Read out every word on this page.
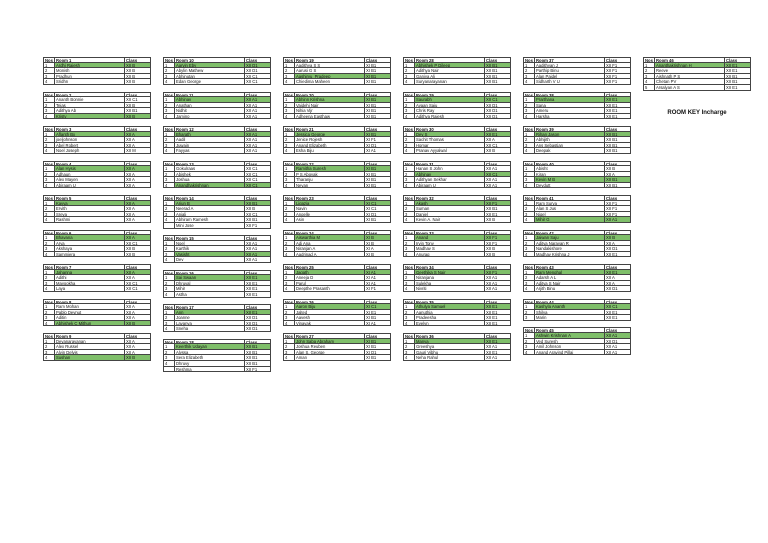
Nos Room 1	Class
1	Ardhi Rajesh	XII B
2	Monish	XII B
3	Pradhun	XII B
4	Sridhn	XII B
Nos Room 2	Class
1	Ananth Bonnie	XII C1
2	Tejas	XII B
3	Adithya Ab	XII B1
4	Kristy	XII B
Nos Room 3	Class
1	Aflanth Bx	XII A
2	joeljohnson	XII A
3	Abel Robert	XII A
4	Noel Joseph	XII M
Nos Room 4	Class
1	Alan Hysis	XII A
2	Adhaun	XII A
3	Alex Mayen	XII A
4	Abiraam U	XII A
Nos Room 5	Class
1	Kavya	XII A
2	Ervith	XII A
3	Sreya	XII A
4	Rashmi	XII A
Nos Room 6	Class
1	Bhavana	XII A
2	Arya	XII C1
3	Akshaya	XII B
4	Sammiera	XII B
Nos Room 7	Class
1	Jahanna	XII A
2	Adithi	XII A
3	Mayookha	XII C1
4	Laya	XII C1
Nos Room 8	Class
1	Ram Mohan	XII A
2	Pablo Devnut	XII A
3	Aditin	XII A
4	Abhishek C Mithun	XII B
Nos Room 9	Class
1	Devanarayanan	XII A
2	Alex Russel	XII A
3	Alvin Delvis	XII A
4	Sushan	XII B
Nos Room 10	Class
1	Aarvin Eby	XII D1
2	Abylin Mathew	XII D1
3	Abhinutan	XII C1
4	Edan George	XII C1
Nos Room 11	Class
1	Abhinav	XII A1
2	Anathan	XII A1
3	Nidhit	XII A1
4	Jamino	XII A1
Nos Room 12	Class
1	Bharath	XII A1
2	Aadil	XII A1
3	Juwain	XII A1
4	Fayyas	XII A1
Nos Room 13	Class
1	Gokulraas	XII C1
2	Abishek	XII C1
3	Joshua	XII C1
4	Anandhakrishnan	XII C1
Nos Room 14	Class
1	Arjun B	XII B1
2	Neerad A	XII B
3	Anjali	XII C1
4	Abhiram Ramesh	XII B1
Mini Jose	XII F1
Nos Room 15	Class
1	Noel	XII A1
2	Karthik	XII A1
3	Vasisht	XII A1
4	Dev	XII A1
Nos Room 16	Class
1	Sai Swaan	XII E1
2	Dhruval	XII E1
3	Mihir	XII E1
4	Astha	XII E1
Nos Room 17	Class
1	Ann	XII E1
2	Joanne	XII D1
3	Lavanya	XII D1
4	Sneha	XII D1
Nos Room 18	Class
1	Keerthik Udayan	XII B1
2	Alyssa	XII B1
3	Sera Elizabeth	XII B1
4	Dhruvy	XII B1
Reshma	XII F1
Nos Room 19	Class
1	Aadithya S S	XI B1
2	Aarusi G S	XI B1
3	Aashirvu_Pradeep	XI B1
4	Chiedima Maheen	XI B1
Nos Room 20	Class
1	Abhinn Krishna	XI B1
2	Vaidehi Nair	XI B1
3	Nihia Vijr	XI B1
4	Adheena Easthaw	XI B1
Nos Room 21	Class
1	Jessica George	XI B1
2	Jenice Rojesh	XI F1
3	Anand Elizabeth	XI D1
4	Esha Biju	XI A1
Nos Room 22	Class
1	Ramitha Suresh	XI B1
2	P S Aboyak	XI B1
3	Tharanju	XI B1
4	Nevan	XI B1
Nos Room 23	Class
1	Ligazia	XI C1
2	Navin	XI C1
3	Angelle	XI D1
4	Asin	XI B1
Nos Room 24	Class
1	Aiswarthia M	XI B
2	Adi Ana	XI B
3	Niranjan A	XI A
4	Aadrinad A	XI B
Nos Room 25	Class
1	Jagath	XI A1
2	Aneeja D	XI A1
3	Parul	XI A1
4	Deepthe Prasanth	XI F1
Nos Room 26	Class
1	Aaron Biju	XI C1
2	Jalted	XI E1
3	Aavesh	XI B1
4	Vinayak	XI A1
Nos Room 27	Class
1	John Saba Abraham	XI B1
2	Joshua Reuben	XI B1
3	Alan S. George	XI D1
4	Aman	XI B1
Nos Room 28	Class
1	Abhishek P Dileep	XII B1
2	Adithya Nair	XII B1
3	Ganiya Ali	XII B1
4	Suryanarayanan	XII B1
Nos Room 29	Class
1	Saurabh	XII C1
2	Ayaan Saju	XII D1
3	Chris Ray	XII D1
4	Adithya Rajesh	XII D1
Nos Room 30	Class
1	Dev S	XII E1
2	Sachit Thomas	XII A
3	Homar	XII C1
4	Pranav Ayyalwal	XII B
Nos Room 31	Class
1	Hanan S John	XII A1
2	Abhinav	XII C1
3	Adithyan Sekhar	XII A1
4	Abiraam U	XII A1
Nos Room 32	Class
1	Akash	XII F1
2	Suman	XII B1
3	Daniel	XII E1
4	Kevin A. Nair	XII B
Nos Room 33	Class
1	Anand	XII F1
2	Irvin Tony	XII F1
3	Madhav S	XII B
4	Anurag	XII B
Nos Room 34	Class
1	Geethika S Nair	XII F1
2	Niranjana	XII A1
3	Sulekha	XII A1
4	Nivriti	XII A1
Nos Room 35	Class
1	Athulya Samuel	XII E1
2	Aanuthia	XII E1
3	Pradeesha	XII E1
4	Evelyn	XII E1
Nos Room 36	Class
1	Manya	XII E1
2	Greeshya	XII A1
3	Gauri Vibhu	XII E1
4	Neha Rahul	XII A1
Nos Room 37	Class
1	Aadithyan J	XII F1
2	Parthip Binu	XII F1
3	Alan Paidel	XII F1
4	Sidharth V U	XII F1
Nos Room 38	Class
1	Prarthana	XII E1
2	Sana	XII E1
3	Ameru	XII E1
4	Harsha	XII E1
Nos Room 39	Class
1	Rihan Jason	XII B1
2	Abhijith	XII B1
3	Ans Sebastian	XII B1
4	Deepak	XII B1
Nos Room 40	Class
1	Abisht	XII B
2	Kiran	XII A
3	Kevin M B	XII B1
4	Devdutt	XII B1
Nos Room 41	Class
1	Ram Surya	XII F1
2	Alan S Jus	XII F1
3	Nigel	XII F1
4	Mihir G	XII A1
Nos Room 42	Class
1	Jaiwan Saju	XII B
2	Aditya Narayan R	XII A
3	Nandakishore	XII D1
4	Madhav Krishna J	XII E1
Nos Room 43	Class
1	Ram Menghal	XII E1
2	Adarsh A L	XII A
3	Aditya S Nair	XII A
4	Arjith Binu	XII D1
Nos Room 44	Class
1	Kashyla Ananth	XII C1
2	Shilya	XII E1
3	Marin	XII E1
Nos Room 45	Class
1	Ashwin Krishnan A	XII A1
2	Ved Suresh	XII D1
3	Amil Johnson	XII A1
4	Anand Aravind Pillai	XII A1
Nos Room 46	Class
1	Ananthakrishnan H	XII E1
2	Reeve	XII E1
3	Aishnath P S	XII B1
4	Chetan PV	XII B1
5	Arsalyan A S	XII E1
ROOM KEY Incharge
